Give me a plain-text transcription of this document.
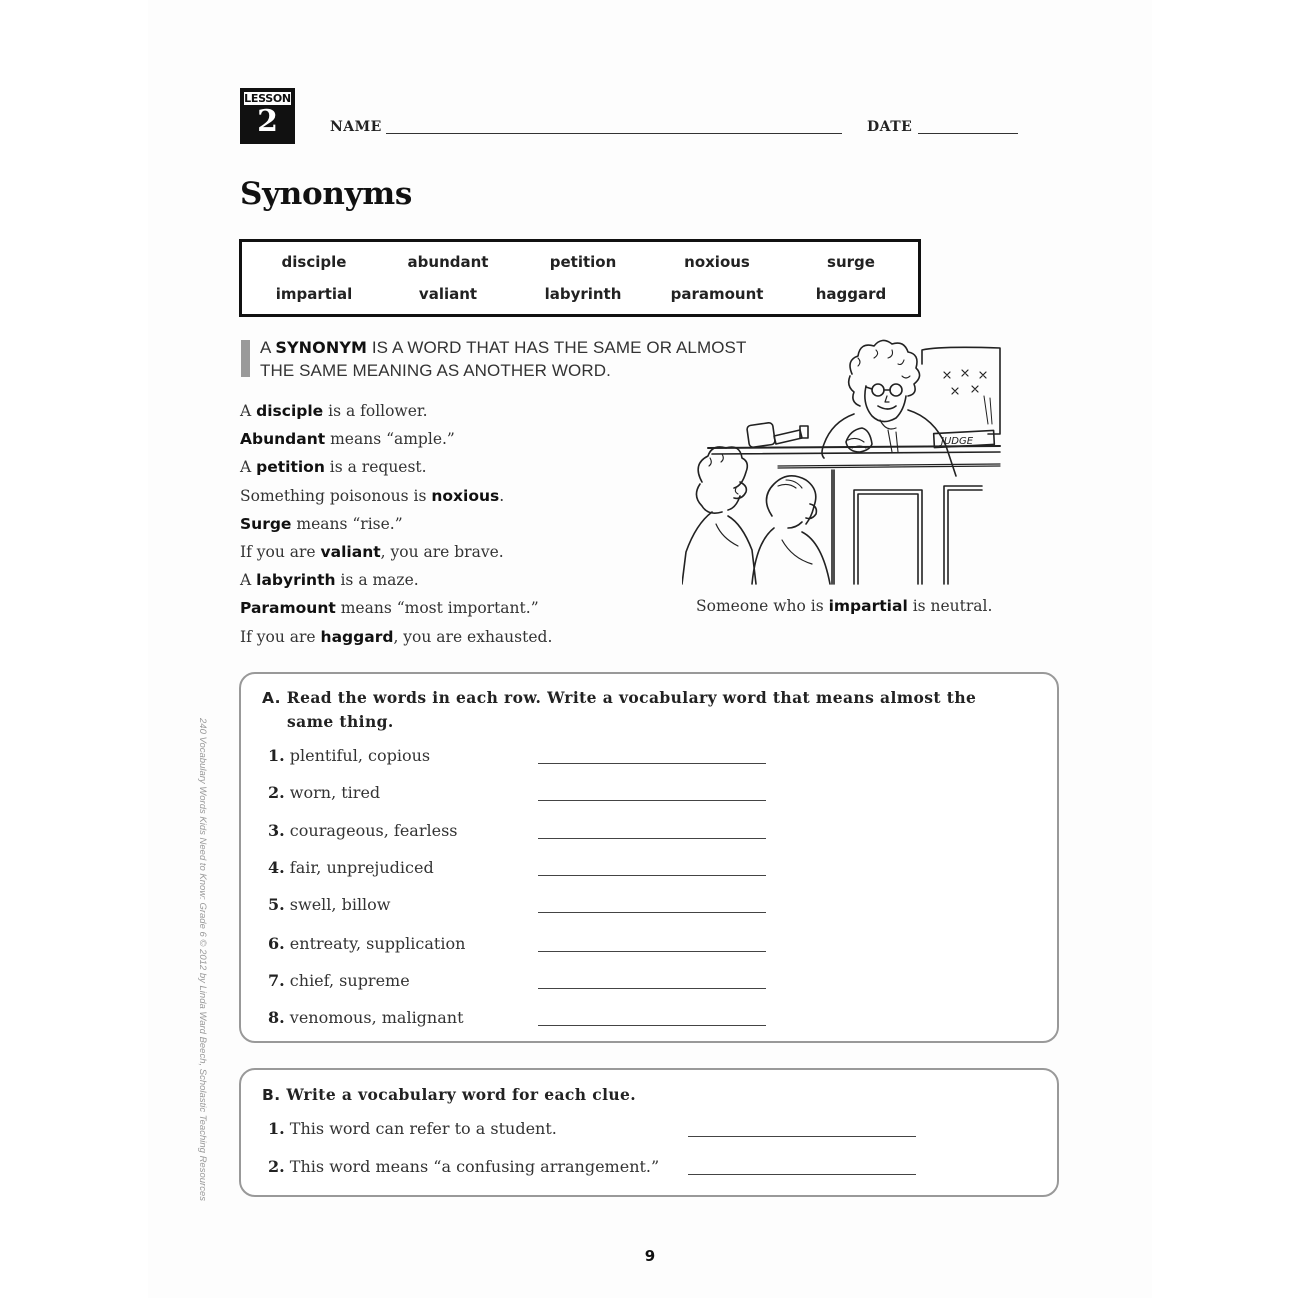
LESSON
2	NAME	DATE
Synonyms
disciple	abundant	petition	noxious	surge
impartial	valiant	labyrinth	paramount	haggard
A SYNONYM IS A WORD THAT HAS THE SAME OR ALMOST THE SAME MEANING AS ANOTHER WORD.
A disciple is a follower.
Abundant means “ample.”
A petition is a request.
Something poisonous is noxious.
Surge means “rise.”
If you are valiant, you are brave.
A labyrinth is a maze.
Paramount means “most important.”
If you are haggard, you are exhausted.
JUDGE
Someone who is impartial is neutral.
A. Read the words in each row. Write a vocabulary word that means almost the
same thing.
1. plentiful, copious
2. worn, tired
3. courageous, fearless
4. fair, unprejudiced
5. swell, billow
6. entreaty, supplication
7. chief, supreme
8. venomous, malignant
B. Write a vocabulary word for each clue.
1. This word can refer to a student.
2. This word means “a confusing arrangement.”
240 Vocabulary Words Kids Need to Know: Grade 6 © 2012 by Linda Ward Beech, Scholastic Teaching Resources
9
